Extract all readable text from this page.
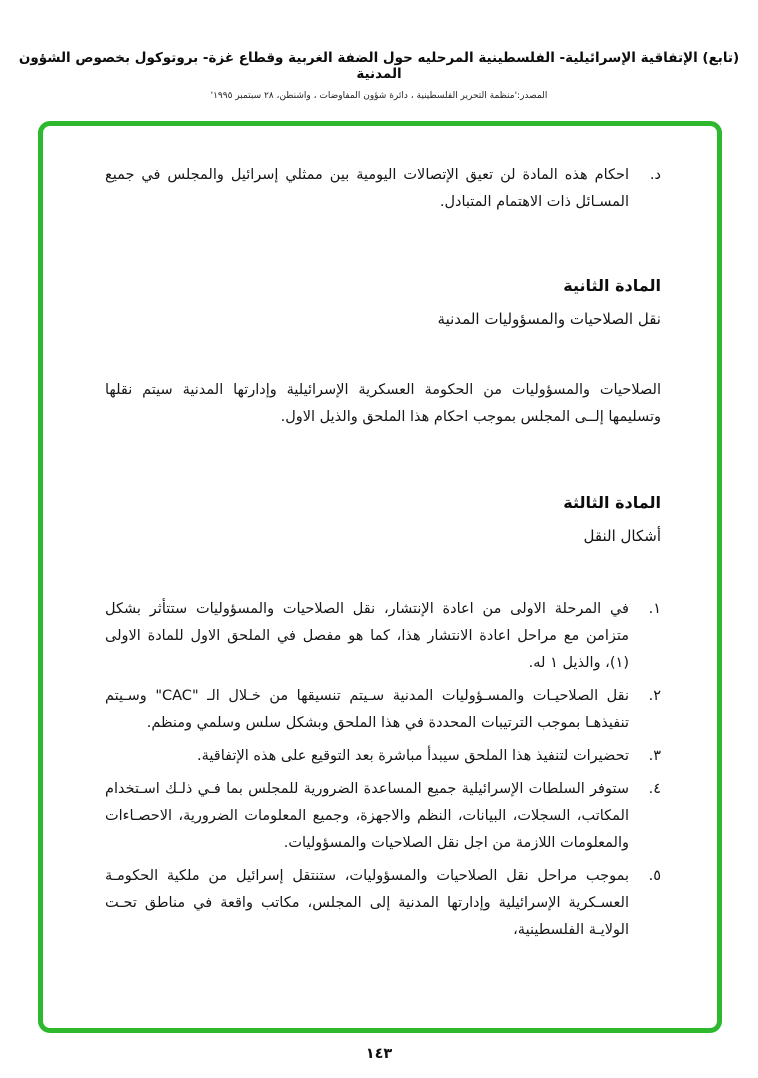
(تابع) الإتفاقية الإسرائيلية- الفلسطينية المرحليه حول الضفة الغربية وقطاع غزة- بروتوكول بخصوص الشؤون المدنية
المصدر:'منظمة التحرير الفلسطينية ، دائرة شؤون المفاوضات ، واشنطن، ٢٨ سبتمبر ١٩٩٥'
د.
احكام هذه المادة لن تعيق الإتصالات اليومية بين ممثلي إسرائيل والمجلس في جميع المسـائل ذات الاهتمام المتبادل.
المادة الثانية
نقل الصلاحيات والمسؤوليات المدنية

الصلاحيات والمسؤوليات من الحكومة العسكرية الإسرائيلية وإدارتها المدنية سيتم نقلها وتسليمها إلــى المجلس بموجب احكام هذا الملحق والذيل الاول.

المادة الثالثة
أشكال النقل
١.
في المرحلة الاولى من اعادة الإنتشار، نقل الصلاحيات والمسؤوليات ستتأثر بشكل متزامن مع مراحل اعادة الانتشار هذا، كما هو مفصل في الملحق الاول للمادة الاولى (١)، والذيل ١ له.
٢.
نقل الصلاحيـات والمسـؤوليات المدنية سـيتم تنسيقها من خـلال الـ "CAC" وسـيتم تنفيذهـا بموجب الترتيبات المحددة في هذا الملحق وبشكل سلس وسلمي ومنظم.
٣.
تحضيرات لتنفيذ هذا الملحق سيبدأ مباشرة بعد التوقيع على هذه الإتفاقية.
٤.
ستوفر السلطات الإسرائيلية جميع المساعدة الضرورية للمجلس بما فـي ذلـك اسـتخدام المكاتب، السجلات، البيانات، النظم والاجهزة، وجميع المعلومات الضرورية، الاحصـاءات والمعلومات اللازمة من اجل نقل الصلاحيات والمسؤوليات.
٥.
بموجب مراحل نقل الصلاحيات والمسؤوليات، ستنتقل إسرائيل من ملكية الحكومـة العسـكرية الإسرائيلية وإدارتها المدنية إلى المجلس، مكاتب واقعة في مناطق تحـت الولايـة الفلسطينية،
١٤٣
